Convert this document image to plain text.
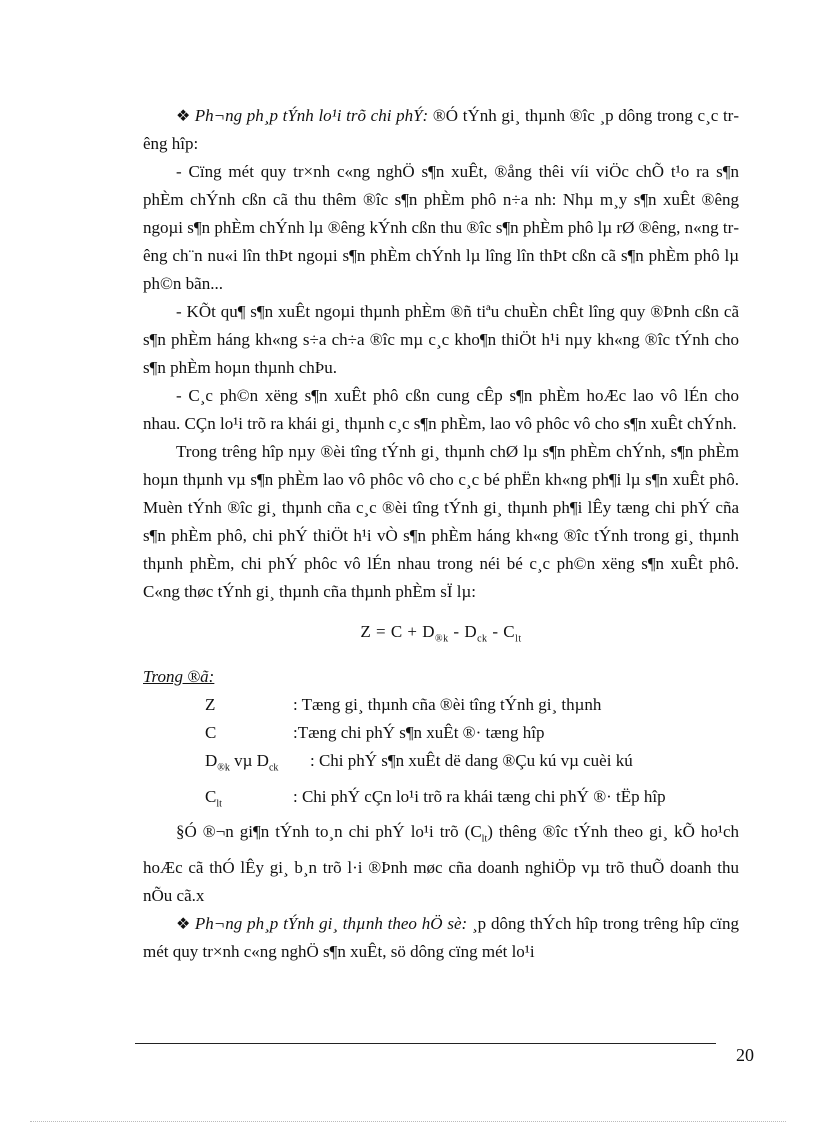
❖ Ph¬ng ph¸p tÝnh lo¹i trõ chi phÝ: ®Ó tÝnh gi¸ thµnh ®îc ¸p dông trong c¸c trêng hîp:

- Cïng mét quy tr×nh c«ng nghÖ s¶n xuÊt, ®ång thêi víi viÖc chÕ t¹o ra s¶n phÈm chÝnh cßn cã thu thêm ®îc s¶n phÈm phô n÷a nh: Nhµ m¸y s¶n xuÊt ®êng ngoµi s¶n phÈm chÝnh lµ ®êng kÝnh cßn thu ®îc s¶n phÈm phô lµ rØ ®êng, n«ng trêng ch¨n nu«i lîn thÞt ngoµi s¶n phÈm chÝnh lµ lîng lîn thÞt cßn cã s¶n phÈm phô lµ ph©n bãn...

- KÕt qu¶ s¶n xuÊt ngoµi thµnh phÈm ®ñ tiªu chuÈn chÊt lîng quy ®Þnh cßn cã s¶n phÈm háng kh«ng s÷a ch÷a ®îc mµ c¸c kho¶n thiÖt h¹i nµy kh«ng ®îc tÝnh cho s¶n phÈm hoµn thµnh chÞu.

- C¸c ph©n xëng s¶n xuÊt phô cßn cung cÊp s¶n phÈm hoÆc lao vô lÉn cho nhau. CÇn lo¹i trõ ra khái gi¸ thµnh c¸c s¶n phÈm, lao vô phôc vô cho s¶n xuÊt chÝnh.

Trong trêng hîp nµy ®èi tîng tÝnh gi¸ thµnh chØ lµ s¶n phÈm chÝnh, s¶n phÈm hoµn thµnh vµ s¶n phÈm lao vô phôc vô cho c¸c bé phËn kh«ng ph¶i lµ s¶n xuÊt phô. Muèn tÝnh ®îc gi¸ thµnh cña c¸c ®èi tîng tÝnh gi¸ thµnh ph¶i lÊy tæng chi phÝ cña s¶n phÈm phô, chi phÝ thiÖt h¹i vÒ s¶n phÈm háng kh«ng ®îc tÝnh trong gi¸ thµnh thµnh phÈm, chi phÝ phôc vô lÉn nhau trong néi bé c¸c ph©n xëng s¶n xuÊt phô. C«ng thøc tÝnh gi¸ thµnh cña thµnh phÈm sÏ lµ:

$Z = C + D_{®k} - D_{ck} - C_{lt}$

Trong ®ã:

Z	: Tæng gi¸ thµnh cña ®èi tîng tÝnh gi¸ thµnh
C	:Tæng chi phÝ s¶n xuÊt ®· tæng hîp
$D_{®k}$ vµ $D_{ck}$	: Chi phÝ s¶n xuÊt dë dang ®Çu kú vµ cuèi kú
$C_{lt}$	: Chi phÝ cÇn lo¹i trõ ra khái tæng chi phÝ ®· tËp hîp

§Ó ®¬n gi¶n tÝnh to¸n chi phÝ lo¹i trõ $(C_{lt})$ thêng ®îc tÝnh theo gi¸ kÕ ho¹ch hoÆc cã thÓ lÊy gi¸ b¸n trõ l·i ®Þnh møc cña doanh nghiÖp vµ trõ thuÕ doanh thu nÕu cã.x

❖ Ph¬ng ph¸p tÝnh gi¸ thµnh theo hÖ sè: ¸p dông thÝch hîp trong trêng hîp cïng mét quy tr×nh c«ng nghÖ s¶n xuÊt, sö dông cïng mét lo¹i

20
